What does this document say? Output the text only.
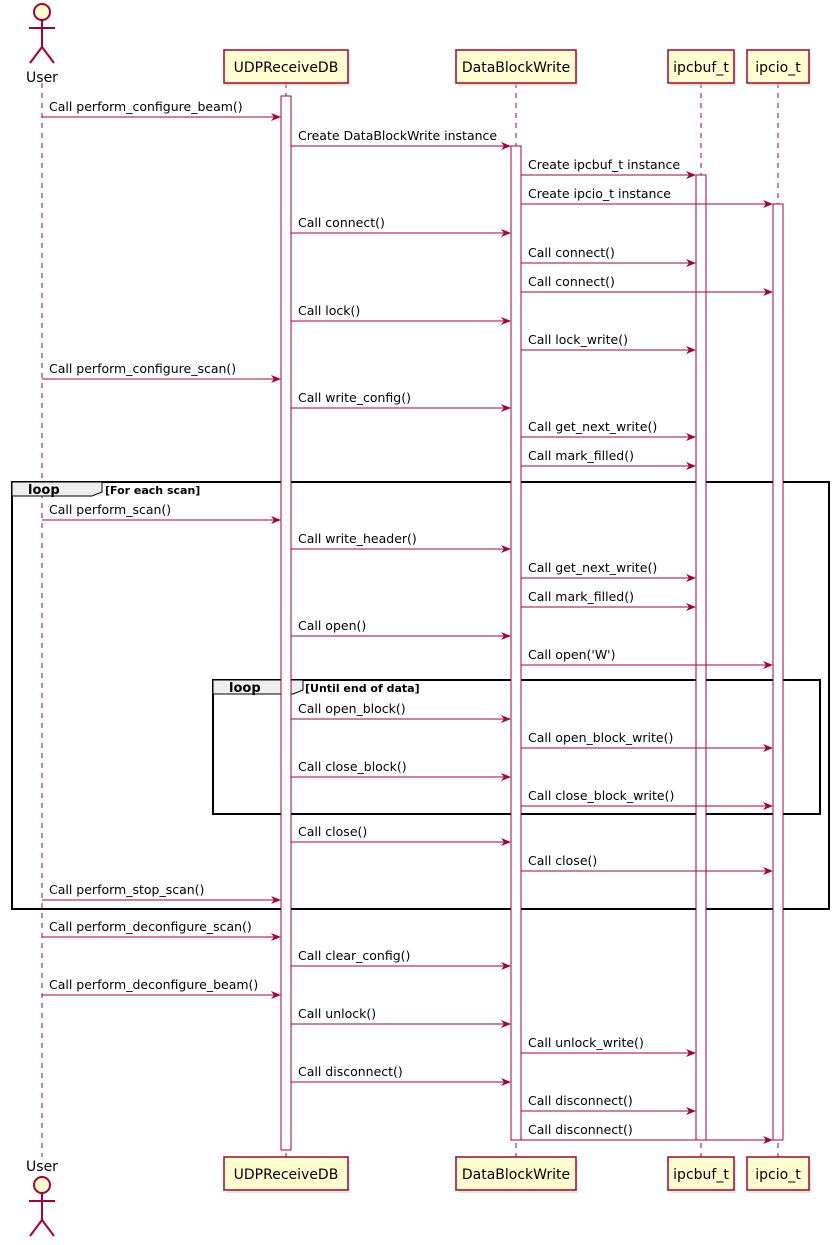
loop	[For each scan]
loop	[Until end of data]
Call perform_configure_beam()
Create DataBlockWrite instance
Create ipcbuf_t instance
Create ipcio_t instance
Call connect()
Call connect()
Call connect()
Call lock()
Call lock_write()
Call perform_configure_scan()
Call write_config()
Call get_next_write()
Call mark_filled()
Call perform_scan()
Call write_header()
Call get_next_write()
Call mark_filled()
Call open()
Call open('W')
Call open_block()
Call open_block_write()
Call close_block()
Call close_block_write()
Call close()
Call close()
Call perform_stop_scan()
Call perform_deconfigure_scan()
Call clear_config()
Call perform_deconfigure_beam()
Call unlock()
Call unlock_write()
Call disconnect()
Call disconnect()
Call disconnect()
User
User
UDPReceiveDB
UDPReceiveDB
DataBlockWrite
DataBlockWrite
ipcbuf_t
ipcbuf_t
ipcio_t
ipcio_t
